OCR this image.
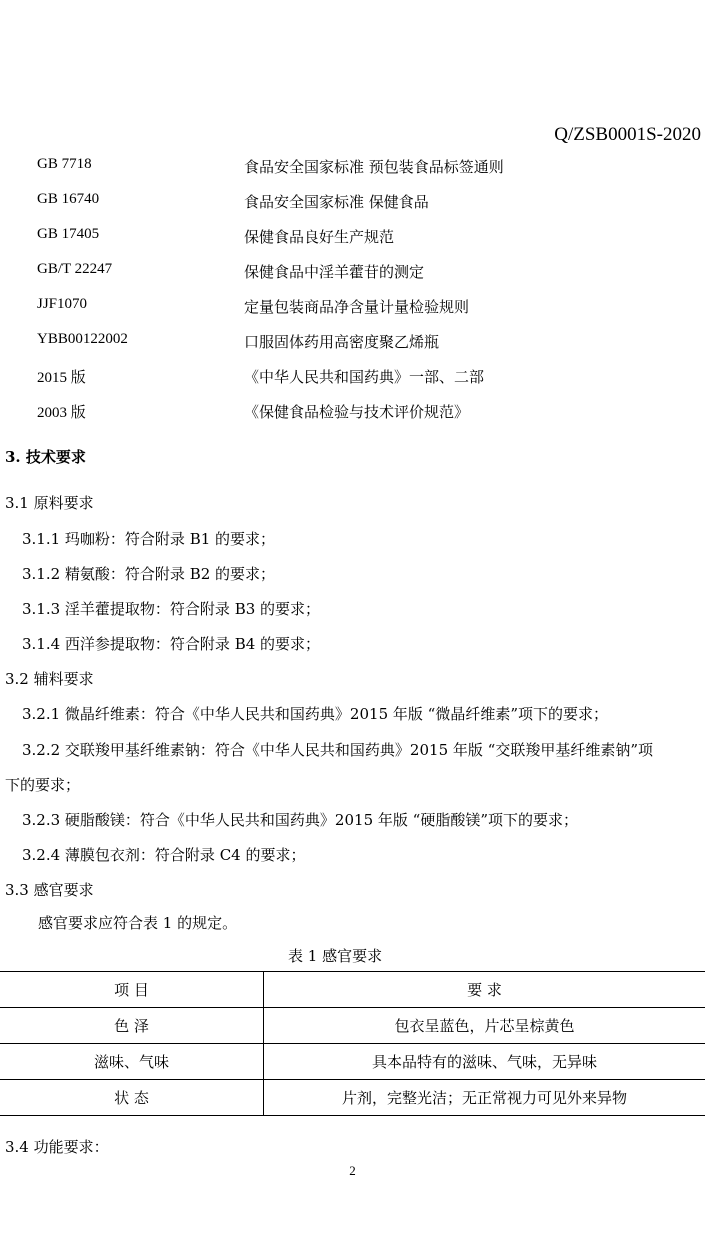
Q/ZSB0001S-2020
GB 7718	食品安全国家标准 预包装食品标签通则
GB 16740	食品安全国家标准 保健食品
GB 17405	保健食品良好生产规范
GB/T 22247	保健食品中淫羊藿苷的测定
JJF1070	定量包装商品净含量计量检验规则
YBB00122002	口服固体药用高密度聚乙烯瓶
2015 版	《中华人民共和国药典》一部、二部
2003 版	《保健食品检验与技术评价规范》
3. 技术要求
3.1 原料要求
3.1.1 玛咖粉：符合附录 B1 的要求；
3.1.2 精氨酸：符合附录 B2 的要求；
3.1.3 淫羊藿提取物：符合附录 B3 的要求；
3.1.4 西洋参提取物：符合附录 B4 的要求；
3.2 辅料要求
3.2.1 微晶纤维素：符合《中华人民共和国药典》2015 年版 “微晶纤维素”项下的要求；
3.2.2 交联羧甲基纤维素钠：符合《中华人民共和国药典》2015 年版 “交联羧甲基纤维素钠”项
下的要求；
3.2.3 硬脂酸镁：符合《中华人民共和国药典》2015 年版 “硬脂酸镁”项下的要求；
3.2.4 薄膜包衣剂：符合附录 C4 的要求；
3.3 感官要求
感官要求应符合表 1 的规定。
表 1 感官要求
项 目	要 求
色 泽	包衣呈蓝色，片芯呈棕黄色
滋味、气味	具本品特有的滋味、气味，无异味
状 态	片剂，完整光洁；无正常视力可见外来异物
3.4 功能要求：
2
